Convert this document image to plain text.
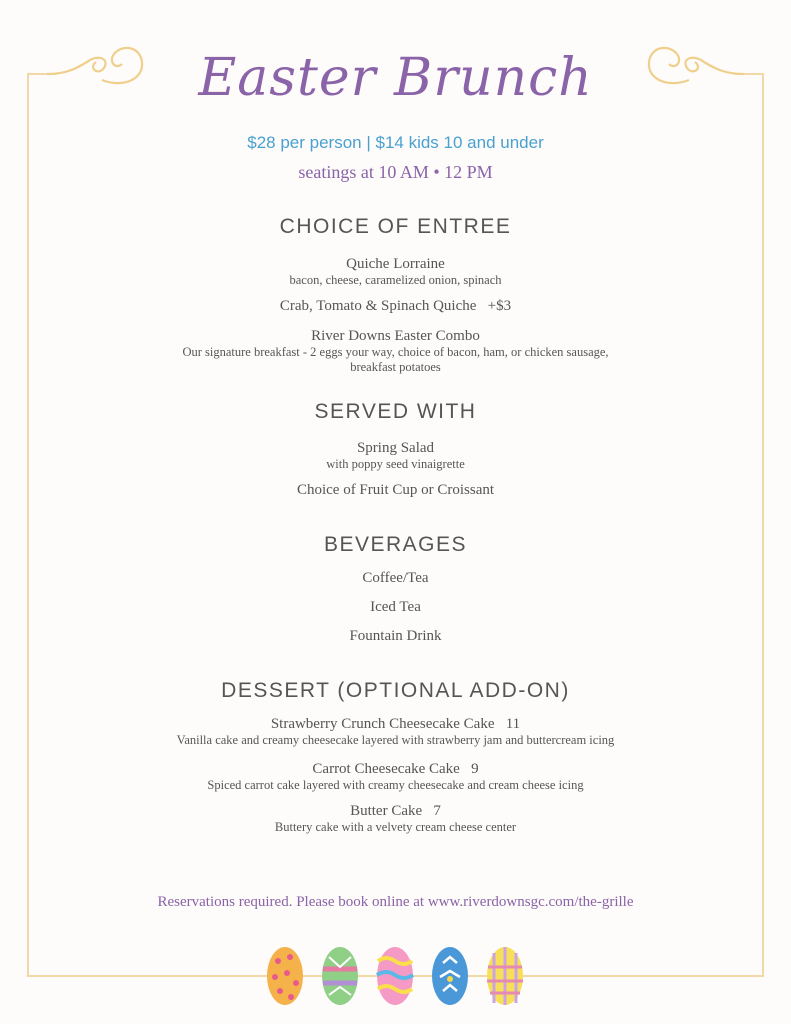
Easter Brunch
$28 per person | $14 kids 10 and under
seatings at 10 AM • 12 PM
CHOICE OF ENTREE
Quiche Lorraine
bacon, cheese, caramelized onion, spinach
Crab, Tomato & Spinach Quiche   +$3
River Downs Easter Combo
Our signature breakfast - 2 eggs your way, choice of bacon, ham, or chicken sausage,
breakfast potatoes
SERVED WITH
Spring Salad
with poppy seed vinaigrette
Choice of Fruit Cup or Croissant
BEVERAGES
Coffee/Tea
Iced Tea
Fountain Drink
DESSERT (OPTIONAL ADD-ON)
Strawberry Crunch Cheesecake Cake   11
Vanilla cake and creamy cheesecake layered with strawberry jam and buttercream icing
Carrot Cheesecake Cake   9
Spiced carrot cake layered with creamy cheesecake and cream cheese icing
Butter Cake   7
Buttery cake with a velvety cream cheese center
Reservations required. Please book online at www.riverdownsgc.com/the-grille
